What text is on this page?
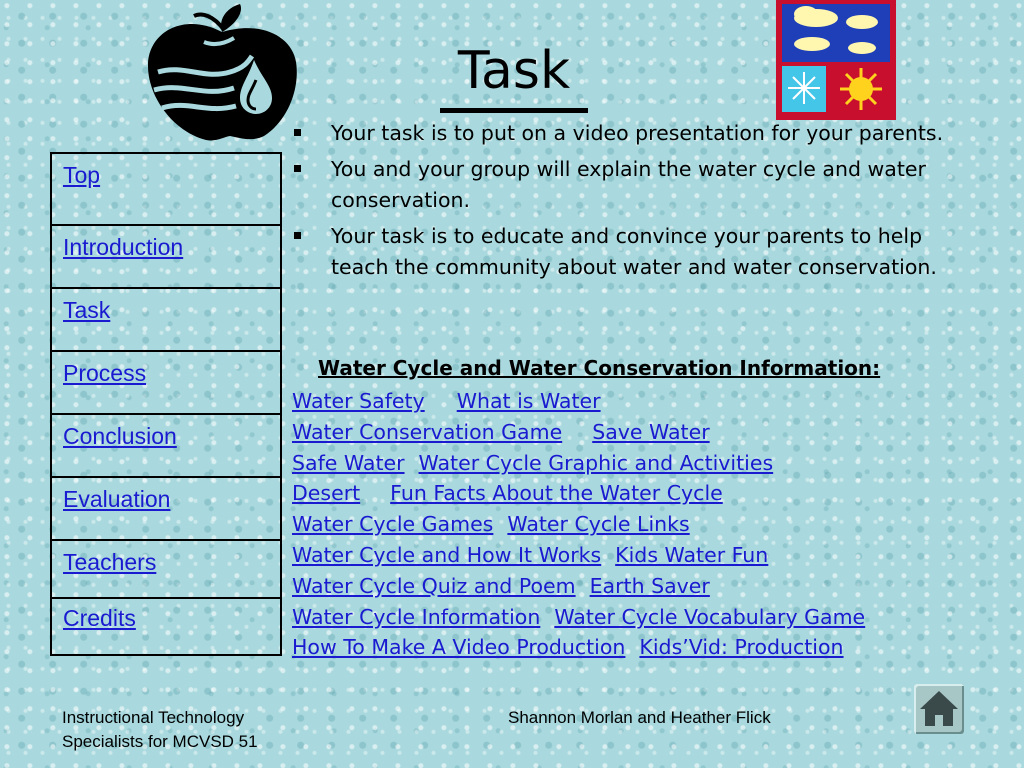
Task
Top
Introduction
Task
Process
Conclusion
Evaluation
Teachers
Credits
Your task is to put on a video presentation for your parents.
You and your group will explain the water cycle and water conservation.
Your task is to educate and convince your parents to help teach the community about water and water conservation.
Water Cycle and Water Conservation Information:
Water Safety What is Water
Water Conservation Game Save Water
Safe Water Water Cycle Graphic and Activities
Desert Fun Facts About the Water Cycle
Water Cycle Games Water Cycle Links
Water Cycle and How It Works Kids Water Fun
Water Cycle Quiz and Poem Earth Saver
Water Cycle Information Water Cycle Vocabulary Game
How To Make A Video Production Kids’Vid: Production
Instructional Technology
Specialists for MCVSD 51
Shannon Morlan and Heather Flick
